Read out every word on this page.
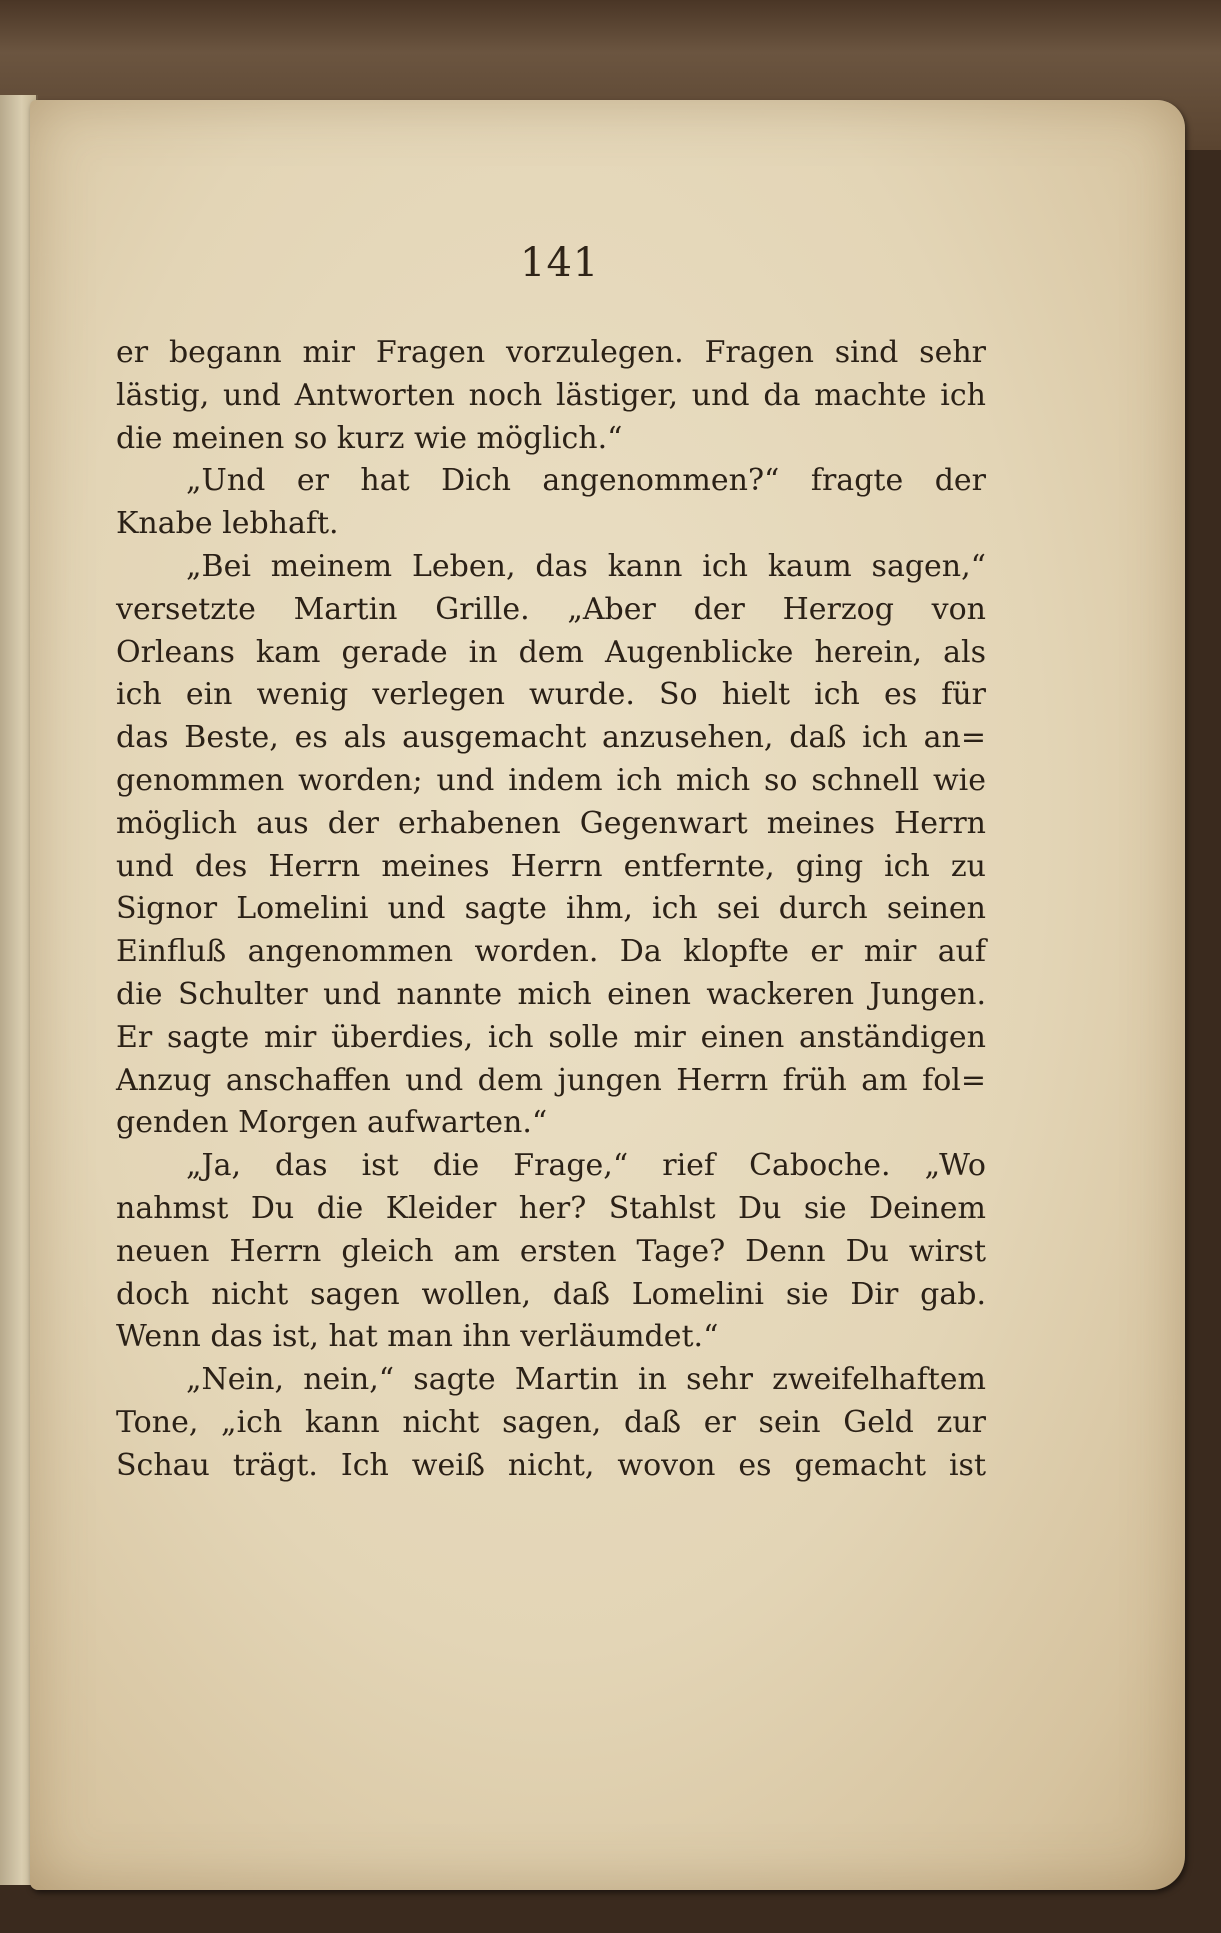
141
er begann mir Fragen vorzulegen. Fragen sind sehr
lästig, und Antworten noch lästiger, und da machte ich
die meinen so kurz wie möglich.“
„Und er hat Dich angenommen?“ fragte der
Knabe lebhaft.
„Bei meinem Leben, das kann ich kaum sagen,“
versetzte Martin Grille. „Aber der Herzog von
Orleans kam gerade in dem Augenblicke herein, als
ich ein wenig verlegen wurde. So hielt ich es für
das Beste, es als ausgemacht anzusehen, daß ich an=
genommen worden; und indem ich mich so schnell wie
möglich aus der erhabenen Gegenwart meines Herrn
und des Herrn meines Herrn entfernte, ging ich zu
Signor Lomelini und sagte ihm, ich sei durch seinen
Einfluß angenommen worden. Da klopfte er mir auf
die Schulter und nannte mich einen wackeren Jungen.
Er sagte mir überdies, ich solle mir einen anständigen
Anzug anschaffen und dem jungen Herrn früh am fol=
genden Morgen aufwarten.“
„Ja, das ist die Frage,“ rief Caboche. „Wo
nahmst Du die Kleider her? Stahlst Du sie Deinem
neuen Herrn gleich am ersten Tage? Denn Du wirst
doch nicht sagen wollen, daß Lomelini sie Dir gab.
Wenn das ist, hat man ihn verläumdet.“
„Nein, nein,“ sagte Martin in sehr zweifelhaftem
Tone, „ich kann nicht sagen, daß er sein Geld zur
Schau trägt. Ich weiß nicht, wovon es gemacht ist
